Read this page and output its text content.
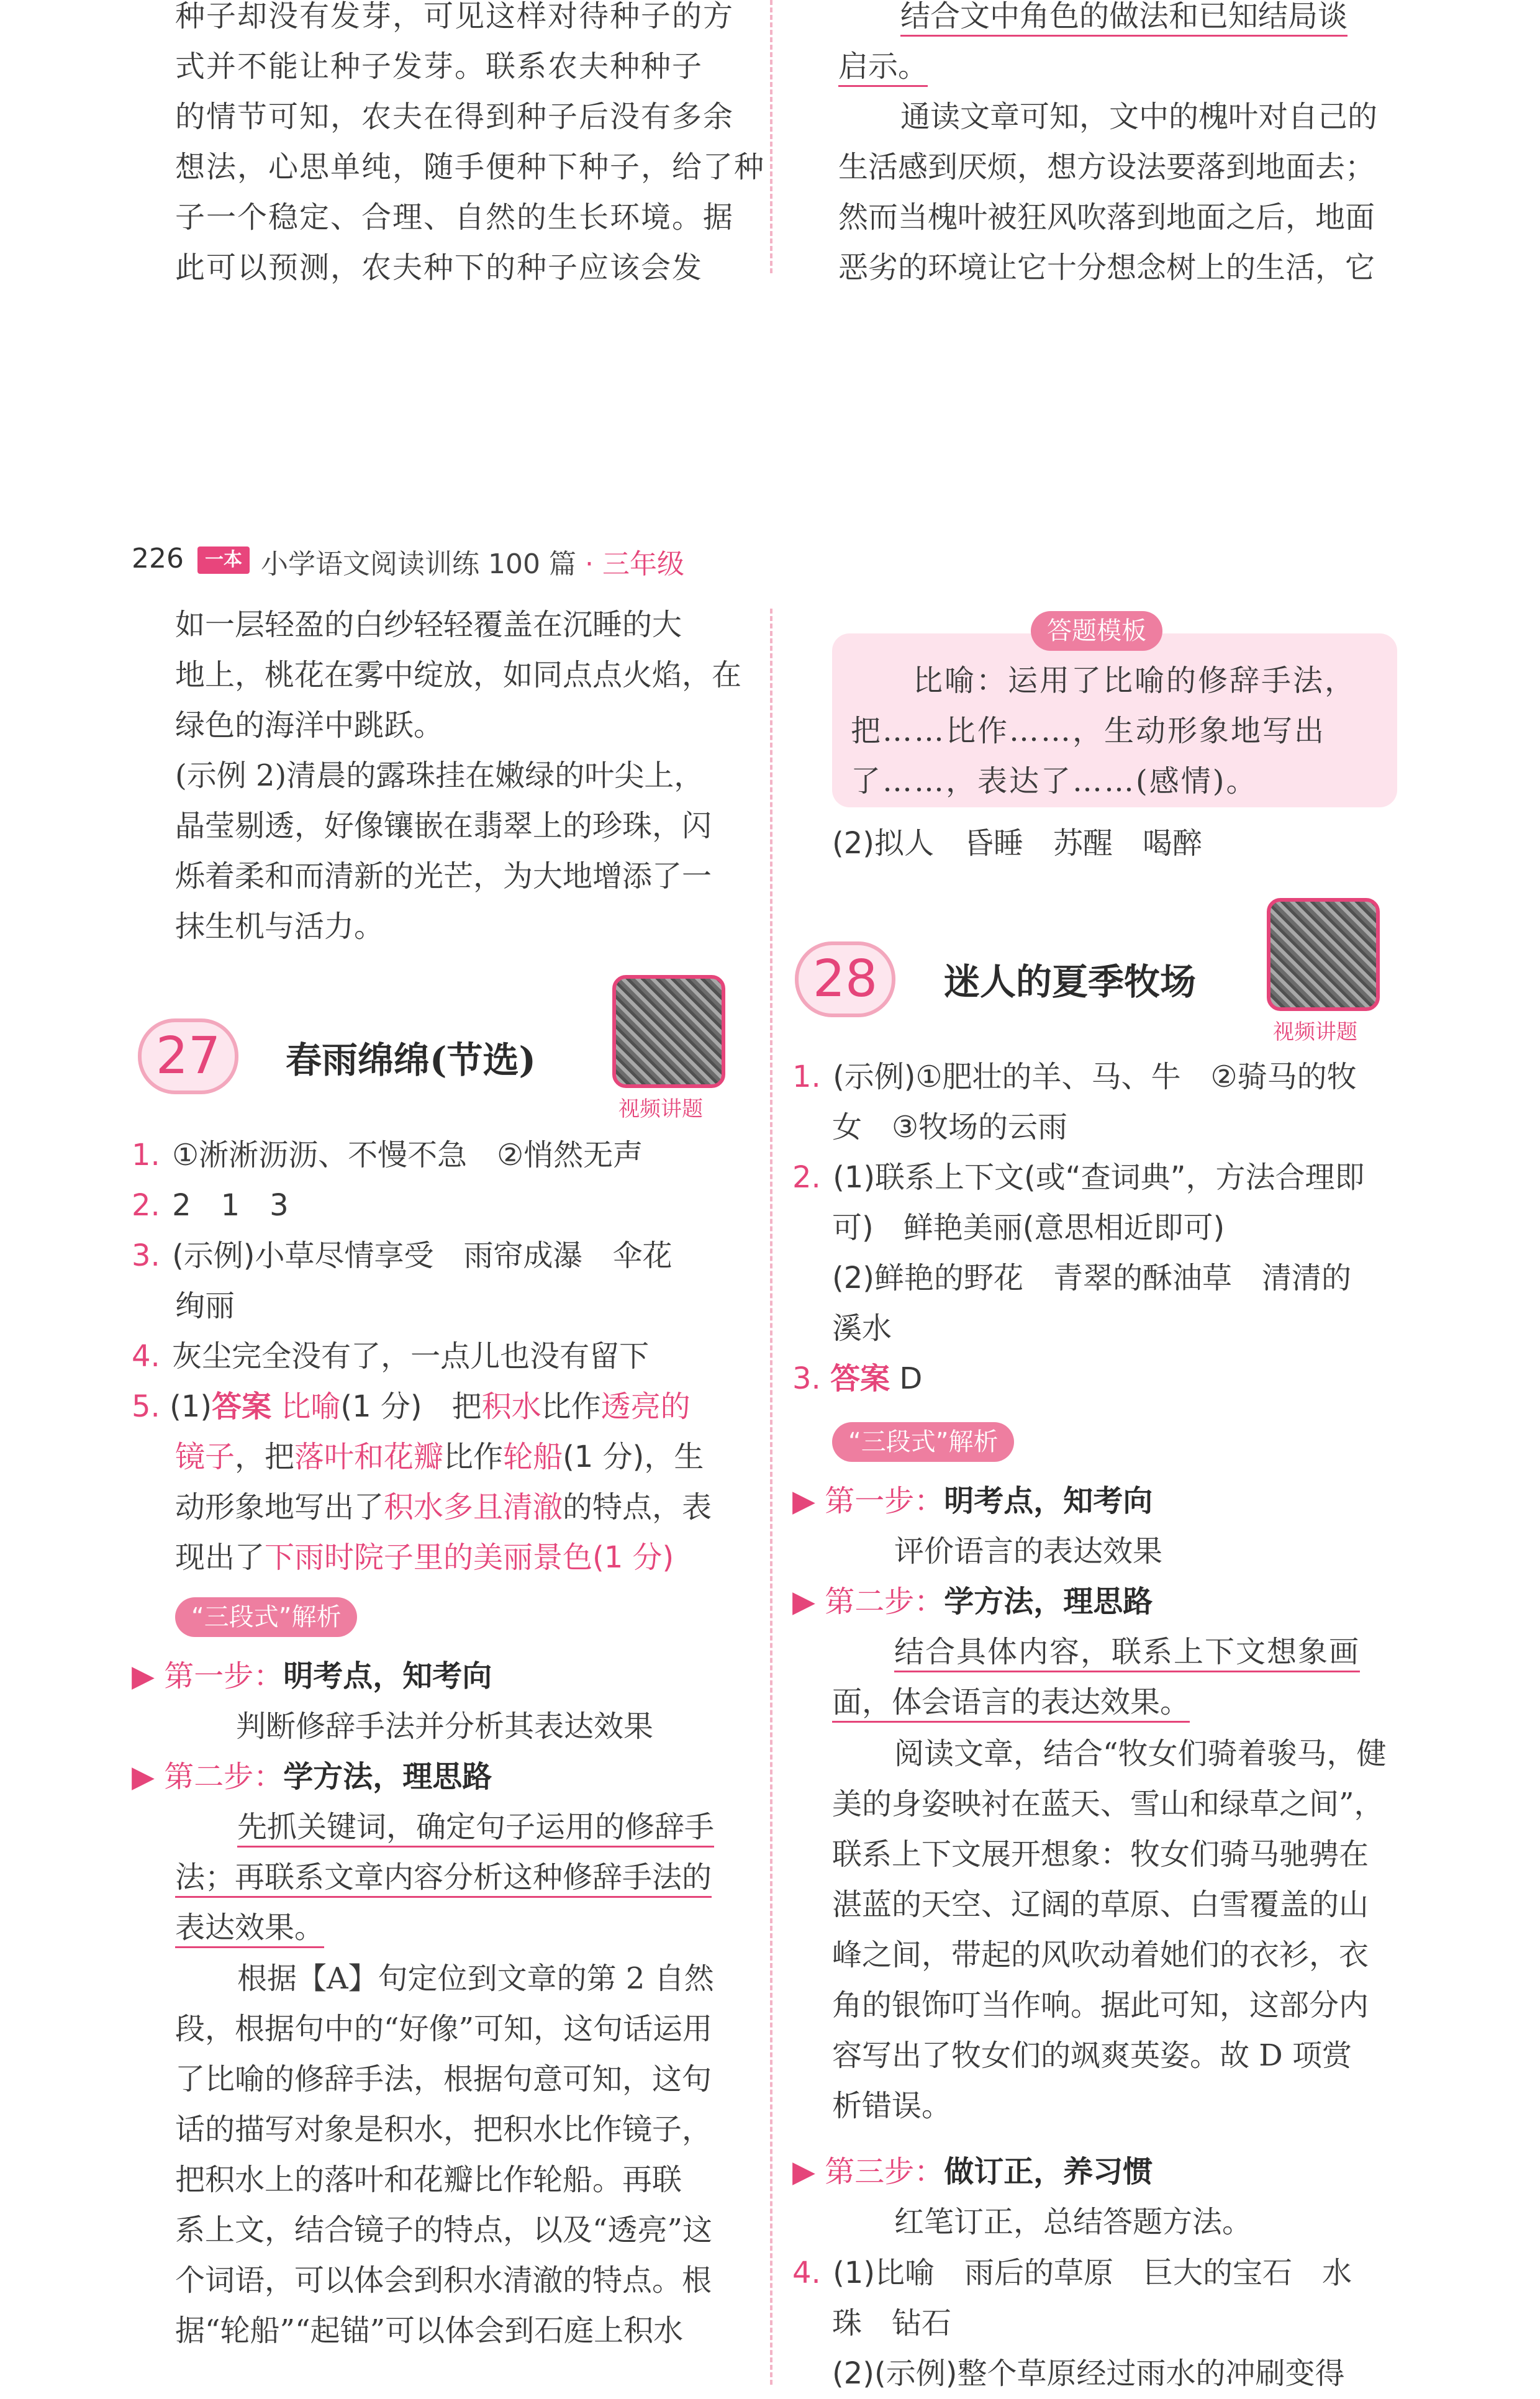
种子却没有发芽，可见这样对待种子的方
式并不能让种子发芽。联系农夫种种子
的情节可知，农夫在得到种子后没有多余
想法，心思单纯，随手便种下种子，给了种
子一个稳定、合理、自然的生长环境。据
此可以预测，农夫种下的种子应该会发
结合文中角色的做法和已知结局谈
启示。
通读文章可知，文中的槐叶对自己的
生活感到厌烦，想方设法要落到地面去；
然而当槐叶被狂风吹落到地面之后，地面
恶劣的环境让它十分想念树上的生活，它
226	一本 小学语文阅读训练 100 篇 · 三年级
如一层轻盈的白纱轻轻覆盖在沉睡的大
地上，桃花在雾中绽放，如同点点火焰，在
绿色的海洋中跳跃。
(示例 2)清晨的露珠挂在嫩绿的叶尖上，
晶莹剔透，好像镶嵌在翡翠上的珍珠，闪
烁着柔和而清新的光芒，为大地增添了一
抹生机与活力。
27	春雨绵绵(节选)
视频讲题
1. ①淅淅沥沥、不慢不急　②悄然无声
2. 2　1　3
3. (示例)小草尽情享受　雨帘成瀑　伞花
绚丽
4. 灰尘完全没有了，一点儿也没有留下
5. (1)答案 比喻(1 分)　把积水比作透亮的
镜子，把落叶和花瓣比作轮船(1 分)，生
动形象地写出了积水多且清澈的特点，表
现出了下雨时院子里的美丽景色(1 分)
“三段式”解析
▶ 第一步：明考点，知考向
判断修辞手法并分析其表达效果
▶ 第二步：学方法，理思路
先抓关键词，确定句子运用的修辞手
法；再联系文章内容分析这种修辞手法的
表达效果。
根据【A】句定位到文章的第 2 自然
段，根据句中的“好像”可知，这句话运用
了比喻的修辞手法，根据句意可知，这句
话的描写对象是积水，把积水比作镜子，
把积水上的落叶和花瓣比作轮船。再联
系上文，结合镜子的特点，以及“透亮”这
个词语，可以体会到积水清澈的特点。根
据“轮船”“起锚”可以体会到石庭上积水
答题模板
比喻：运用了比喻的修辞手法，
把……比作……，生动形象地写出
了……，表达了……(感情)。
(2)拟人　昏睡　苏醒　喝醉
28	迷人的夏季牧场
视频讲题
1. (示例)①肥壮的羊、马、牛　②骑马的牧
女　③牧场的云雨
2. (1)联系上下文(或“查词典”，方法合理即
可)　鲜艳美丽(意思相近即可)
(2)鲜艳的野花　青翠的酥油草　清清的
溪水
3. 答案 D
“三段式”解析
▶ 第一步：明考点，知考向
评价语言的表达效果
▶ 第二步：学方法，理思路
结合具体内容，联系上下文想象画
面，体会语言的表达效果。
阅读文章，结合“牧女们骑着骏马，健
美的身姿映衬在蓝天、雪山和绿草之间”，
联系上下文展开想象：牧女们骑马驰骋在
湛蓝的天空、辽阔的草原、白雪覆盖的山
峰之间，带起的风吹动着她们的衣衫，衣
角的银饰叮当作响。据此可知，这部分内
容写出了牧女们的飒爽英姿。故 D 项赏
析错误。
▶ 第三步：做订正，养习惯
红笔订正，总结答题方法。
4. (1)比喻　雨后的草原　巨大的宝石　水
珠　钻石
(2)(示例)整个草原经过雨水的冲刷变得
